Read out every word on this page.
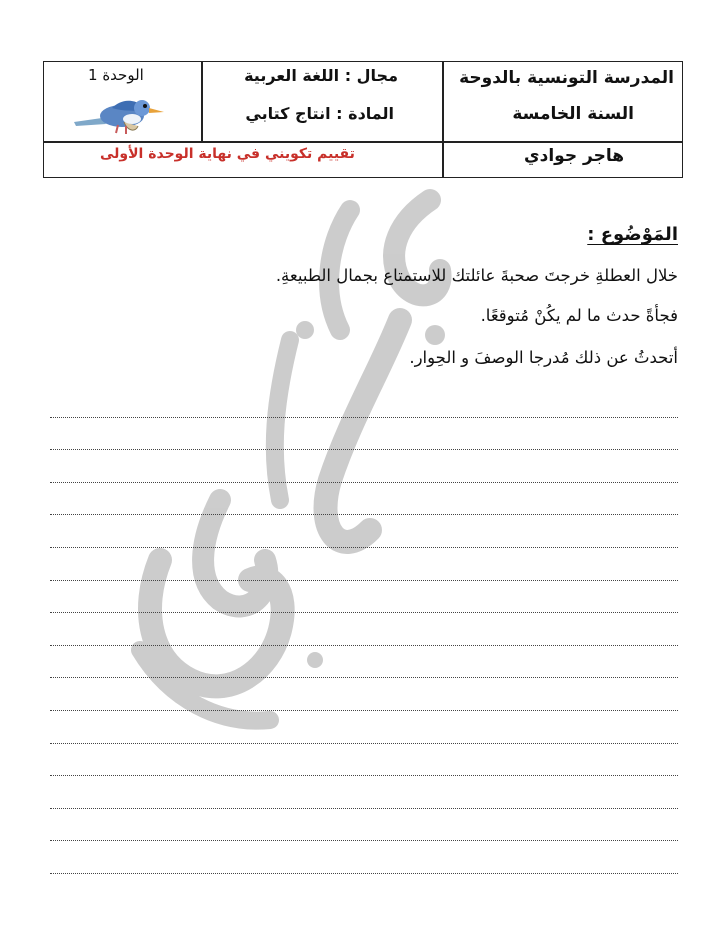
المدرسة التونسية بالدوحة
السنة الخامسة
هاجر جوادي
مجال : اللغة العربية
المادة : انتاج كتابي
الوحدة 1
تقييم تكويني في نهاية الوحدة الأولى
المَوْضُوع :
خلال العطلةِ خرجتَ صحبةَ عائلتك للاستمتاع بجمال الطبيعةِ.
فجأةً حدث ما لم يكُنْ مُتوقعًا.
أتحدثُ عن ذلك مُدرجا الوصفَ و الحِوار.
